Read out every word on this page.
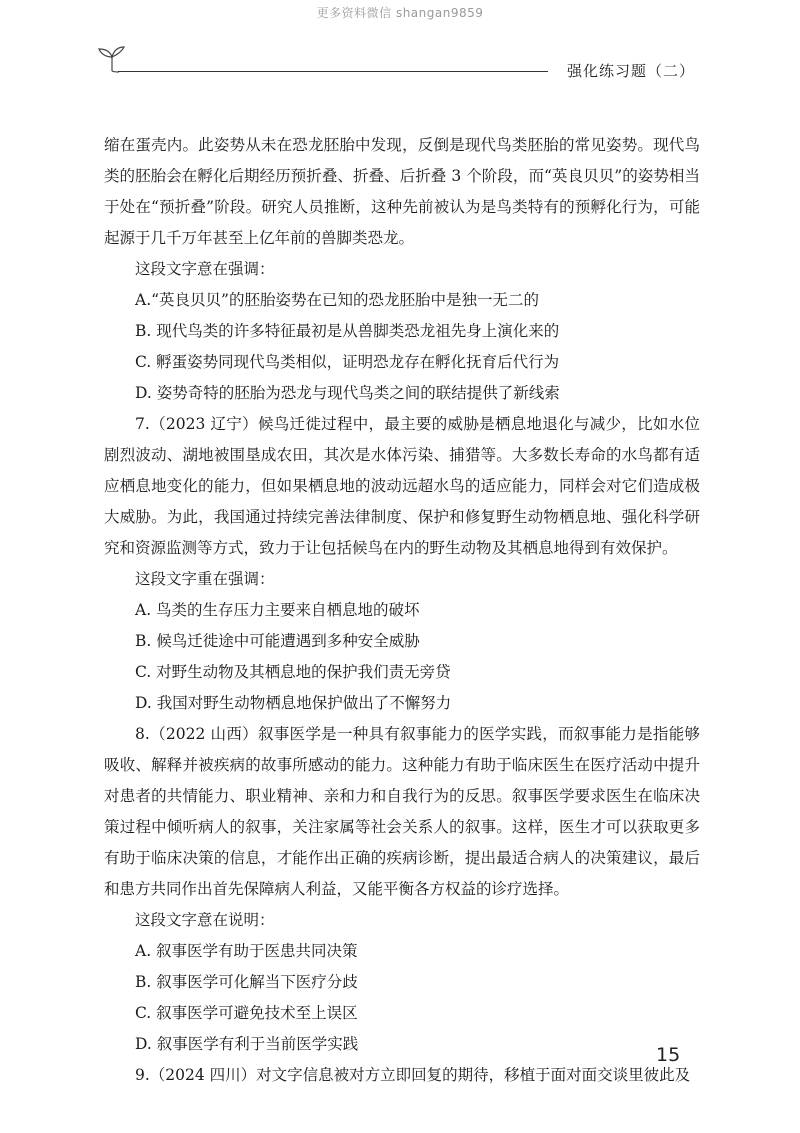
更多资料微信 shangan9859
强化练习题（二）

缩在蛋壳内。此姿势从未在恐龙胚胎中发现，反倒是现代鸟类胚胎的常见姿势。现代鸟类的胚胎会在孵化后期经历预折叠、折叠、后折叠 3 个阶段，而“英良贝贝”的姿势相当于处在“预折叠”阶段。研究人员推断，这种先前被认为是鸟类特有的预孵化行为，可能起源于几千万年甚至上亿年前的兽脚类恐龙。

这段文字意在强调：

A.“英良贝贝”的胚胎姿势在已知的恐龙胚胎中是独一无二的

B. 现代鸟类的许多特征最初是从兽脚类恐龙祖先身上演化来的

C. 孵蛋姿势同现代鸟类相似，证明恐龙存在孵化抚育后代行为

D. 姿势奇特的胚胎为恐龙与现代鸟类之间的联结提供了新线索

7.（2023 辽宁）候鸟迁徙过程中，最主要的威胁是栖息地退化与减少，比如水位剧烈波动、湖地被围垦成农田，其次是水体污染、捕猎等。大多数长寿命的水鸟都有适应栖息地变化的能力，但如果栖息地的波动远超水鸟的适应能力，同样会对它们造成极大威胁。为此，我国通过持续完善法律制度、保护和修复野生动物栖息地、强化科学研究和资源监测等方式，致力于让包括候鸟在内的野生动物及其栖息地得到有效保护。

这段文字重在强调：

A. 鸟类的生存压力主要来自栖息地的破坏

B. 候鸟迁徙途中可能遭遇到多种安全威胁

C. 对野生动物及其栖息地的保护我们责无旁贷

D. 我国对野生动物栖息地保护做出了不懈努力

8.（2022 山西）叙事医学是一种具有叙事能力的医学实践，而叙事能力是指能够吸收、解释并被疾病的故事所感动的能力。这种能力有助于临床医生在医疗活动中提升对患者的共情能力、职业精神、亲和力和自我行为的反思。叙事医学要求医生在临床决策过程中倾听病人的叙事，关注家属等社会关系人的叙事。这样，医生才可以获取更多有助于临床决策的信息，才能作出正确的疾病诊断，提出最适合病人的决策建议，最后和患方共同作出首先保障病人利益，又能平衡各方权益的诊疗选择。

这段文字意在说明：

A. 叙事医学有助于医患共同决策

B. 叙事医学可化解当下医疗分歧

C. 叙事医学可避免技术至上误区

D. 叙事医学有利于当前医学实践

9.（2024 四川）对文字信息被对方立即回复的期待，移植于面对面交谈里彼此及

15
